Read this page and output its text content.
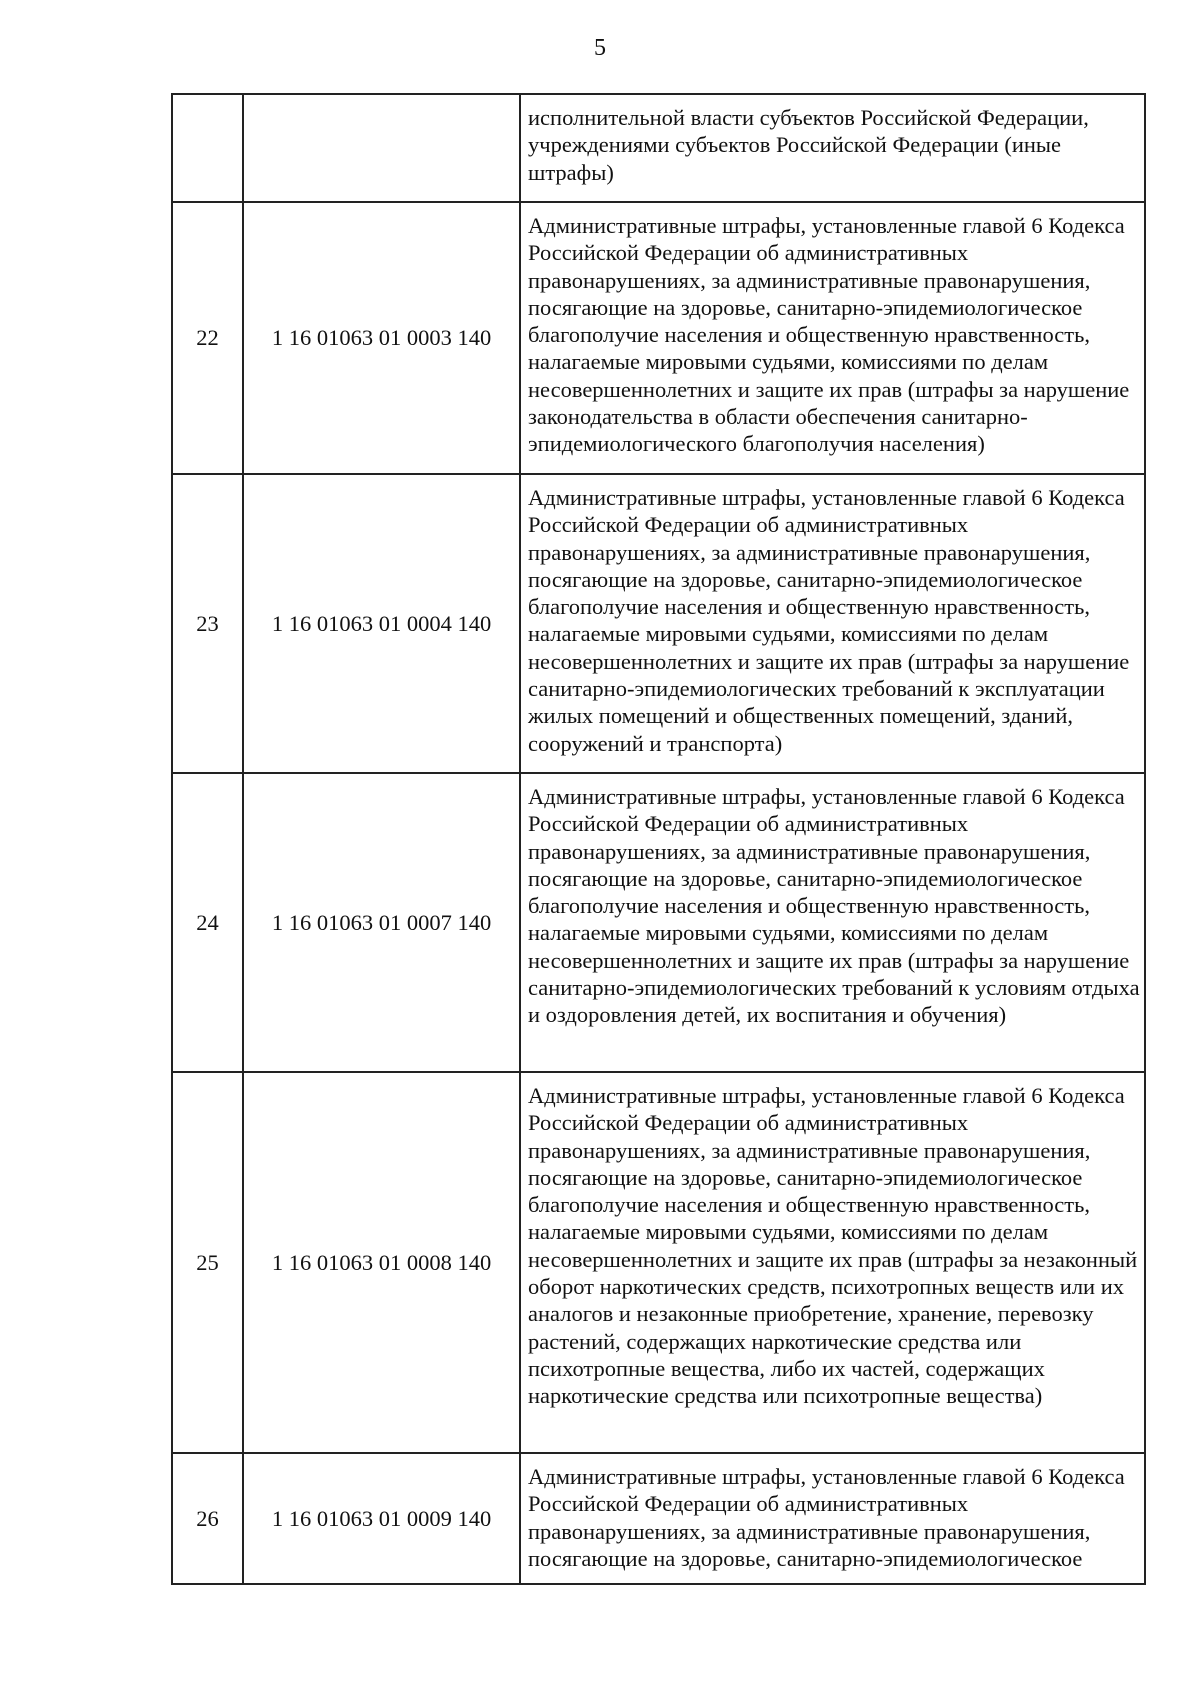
5
		исполнительной власти субъектов Российской Федерации, учреждениями субъектов Российской Федерации (иные штрафы)
22	1 16 01063 01 0003 140	Административные штрафы, установленные главой 6 Кодекса Российской Федерации об административных правонарушениях, за административные правонарушения, посягающие на здоровье, санитарно-эпидемиологическое благополучие населения и общественную нравственность, налагаемые мировыми судьями, комиссиями по делам несовершеннолетних и защите их прав (штрафы за нарушение законодательства в области обеспечения санитарно-эпидемиологического благополучия населения)
23	1 16 01063 01 0004 140	Административные штрафы, установленные главой 6 Кодекса Российской Федерации об административных правонарушениях, за административные правонарушения, посягающие на здоровье, санитарно-эпидемиологическое благополучие населения и общественную нравственность, налагаемые мировыми судьями, комиссиями по делам несовершеннолетних и защите их прав (штрафы за нарушение санитарно-эпидемиологических требований к эксплуатации жилых помещений и общественных помещений, зданий, сооружений и транспорта)
24	1 16 01063 01 0007 140	Административные штрафы, установленные главой 6 Кодекса Российской Федерации об административных правонарушениях, за административные правонарушения, посягающие на здоровье, санитарно-эпидемиологическое благополучие населения и общественную нравственность, налагаемые мировыми судьями, комиссиями по делам несовершеннолетних и защите их прав (штрафы за нарушение санитарно-эпидемиологических требований к условиям отдыха и оздоровления детей, их воспитания и обучения)
25	1 16 01063 01 0008 140	Административные штрафы, установленные главой 6 Кодекса Российской Федерации об административных правонарушениях, за административные правонарушения, посягающие на здоровье, санитарно-эпидемиологическое благополучие населения и общественную нравственность, налагаемые мировыми судьями, комиссиями по делам несовершеннолетних и защите их прав (штрафы за незаконный оборот наркотических средств, психотропных веществ или их аналогов и незаконные приобретение, хранение, перевозку растений, содержащих наркотические средства или психотропные вещества, либо их частей, содержащих наркотические средства или психотропные вещества)
26	1 16 01063 01 0009 140	Административные штрафы, установленные главой 6 Кодекса Российской Федерации об административных правонарушениях, за административные правонарушения, посягающие на здоровье, санитарно-эпидемиологическое
